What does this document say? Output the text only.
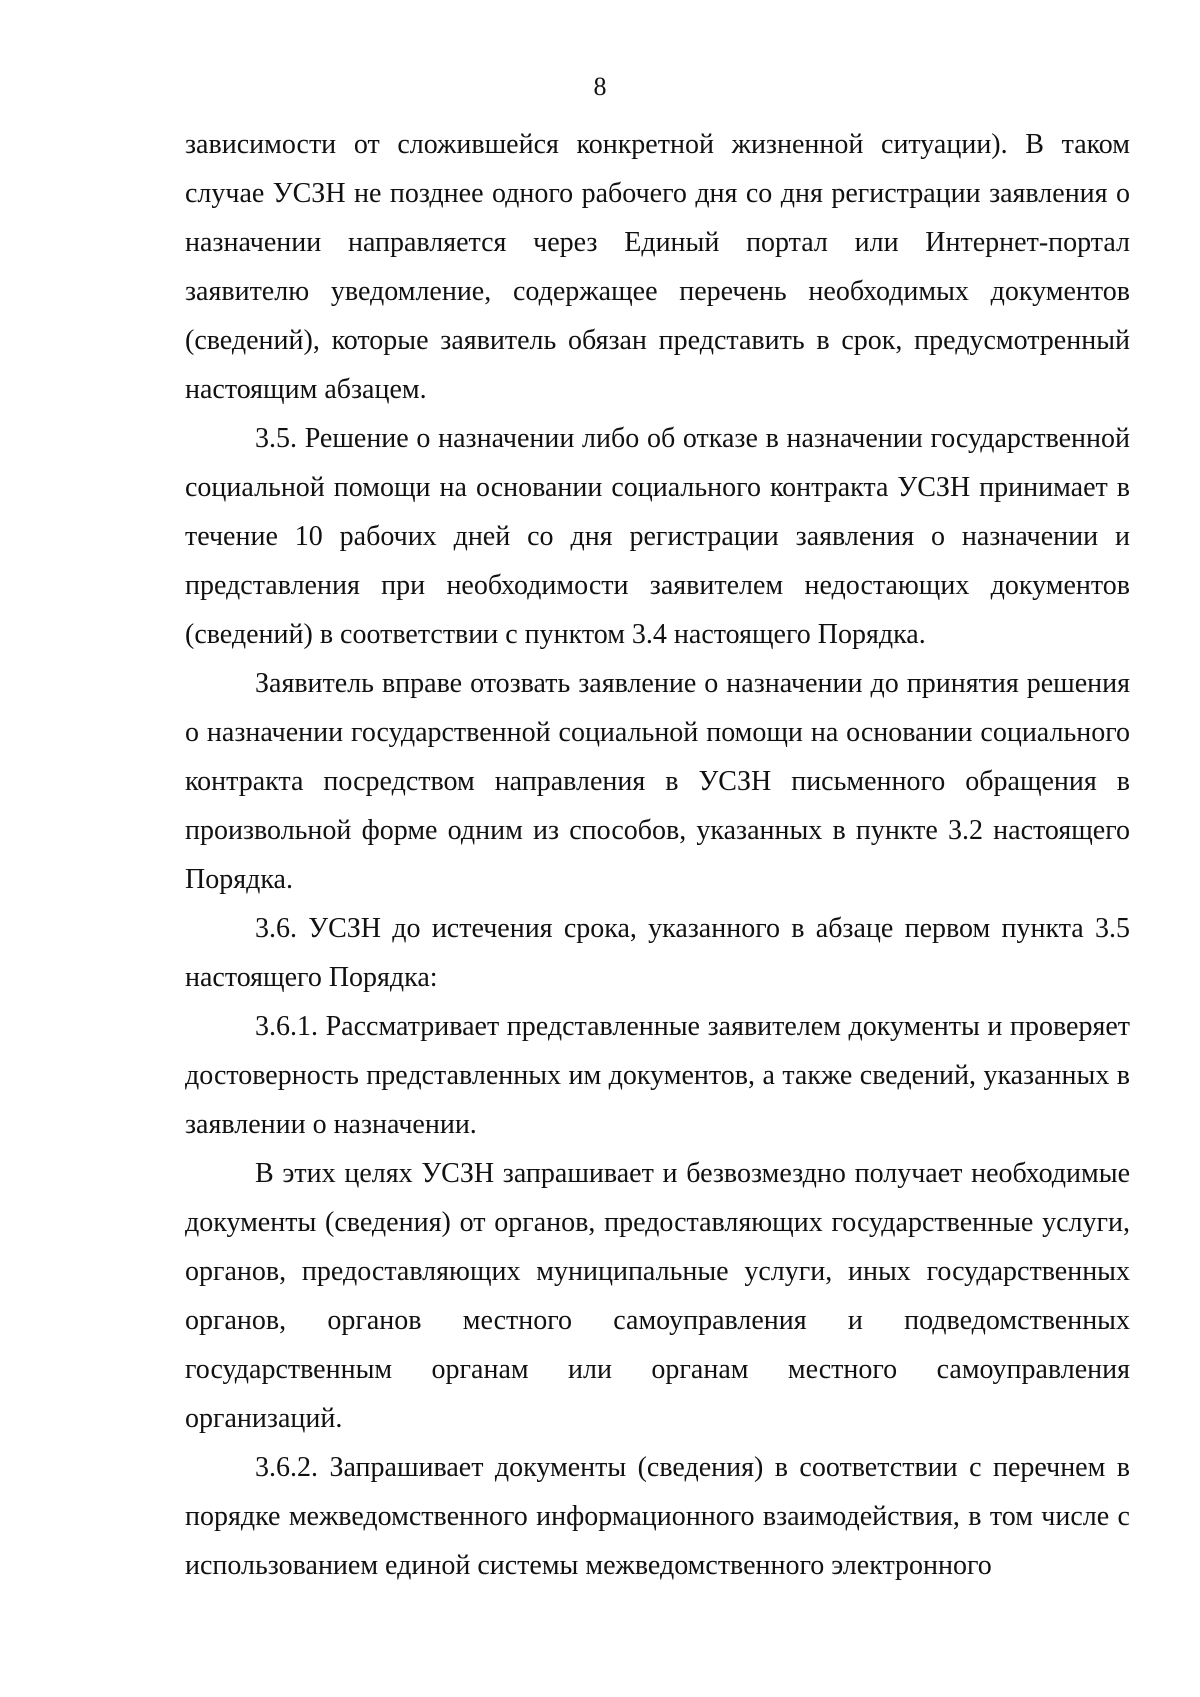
8

зависимости от сложившейся конкретной жизненной ситуации). В таком случае УСЗН не позднее одного рабочего дня со дня регистрации заявления о назначении направляется через Единый портал или Интернет-портал заявителю уведомление, содержащее перечень необходимых документов (сведений), которые заявитель обязан представить в срок, предусмотренный настоящим абзацем.

3.5. Решение о назначении либо об отказе в назначении государственной социальной помощи на основании социального контракта УСЗН принимает в течение 10 рабочих дней со дня регистрации заявления о назначении и представления при необходимости заявителем недостающих документов (сведений) в соответствии с пунктом 3.4 настоящего Порядка.

Заявитель вправе отозвать заявление о назначении до принятия решения о назначении государственной социальной помощи на основании социального контракта посредством направления в УСЗН письменного обращения в произвольной форме одним из способов, указанных в пункте 3.2 настоящего Порядка.

3.6. УСЗН до истечения срока, указанного в абзаце первом пункта 3.5 настоящего Порядка:

3.6.1. Рассматривает представленные заявителем документы и проверяет достоверность представленных им документов, а также сведений, указанных в заявлении о назначении.

В этих целях УСЗН запрашивает и безвозмездно получает необходимые документы (сведения) от органов, предоставляющих государственные услуги, органов, предоставляющих муниципальные услуги, иных государственных органов, органов местного самоуправления и подведомственных государственным органам или органам местного самоуправления организаций.

3.6.2. Запрашивает документы (сведения) в соответствии с перечнем в порядке межведомственного информационного взаимодействия, в том числе с использованием единой системы межведомственного электронного
